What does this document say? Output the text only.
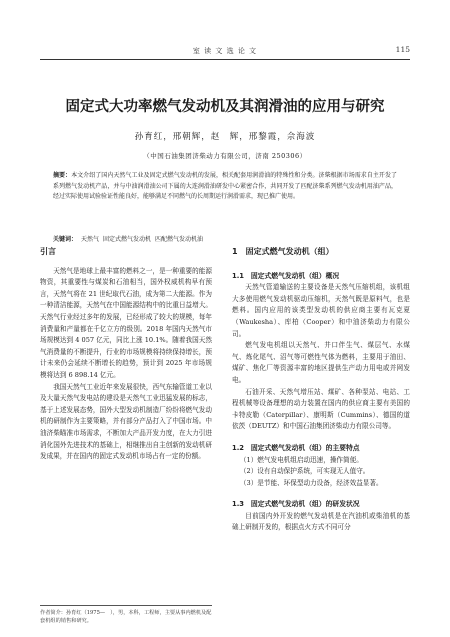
室 读 文 选 论 文	115
固定式大功率燃气发动机及其润滑油的应用与研究
孙育红，邢朝辉，赵　辉，邢黎霞，佘海波
（中国石油集团济柴动力有限公司，济南 250306）
摘要：本文介绍了国内天然气工业及固定式燃气发动机的发展，相关配套用润滑油的特殊性和分类。济柴根据市场需求自主开发了系列燃气发动机产品，并与中油润滑油公司下属的大连润滑油研发中心紧密合作，共同开发了匹配济柴系列燃气发动机用油产品，经过实际使用试验验证性能良好，能够满足不同燃气的长周期运行润滑需求，现已推广使用。
关键词： 天然气 固定式燃气发动机 匹配燃气发动机油
引言

天然气是地球上最丰富的燃料之一，是一种重要的能源物资，其重要性与煤炭和石油相当，国外权威机构早有预言，天然气将在 21 世纪取代石油，成为第二大能源。作为一种清洁能源，天然气在中国能源结构中的比重日益增大。天然气行业经过多年的发展，已经形成了较大的规模，每年消费量和产量都在千亿立方的级别。2018 年国内天然气市场规模达到 4 057 亿元，同比上涨 10.1%。随着我国天然气消费量的不断提升，行业的市场规模将持续保持增长，预计未来仍会延续不断增长的趋势，预计到 2025 年市场规模将达到 6 898.14 亿元。

我国天然气工业近年来发展很快，西气东输管道工业以及大量天然气发电站的建设是天然气工业迅猛发展的标志，基于上述发展态势，国外大型发动机制造厂纷纷将燃气发动机的研制作为主要策略，并有部分产品打入了中国市场。中油济柴瞄准市场需求，不断加大产品开发力度，在大力引进消化国外先进技术的基础上，相继推出自主创新的发动机研发成果，并在国内的固定式发动机市场占有一定的份额。

1　固定式燃气发动机（组）
1.1　固定式燃气发动机（组）概况

天然气管道输送的主要设备是天然气压缩机组，该机组大多使用燃气发动机驱动压缩机，天然气既是原料气，也是燃料。国内应用的该类型发动机的供应商主要有瓦克夏（Waukesha）、库柏（Cooper）和中油济柴动力有限公司。

燃气发电机组以天然气、井口伴生气、煤层气、水煤气、炼化尾气、沼气等可燃性气体为燃料，主要用于油田、煤矿、焦化厂等资源丰富的地区提供生产动力用电或并网发电。

石油开采、天然气增压站、煤矿、各种泵站、电站、工程机械等设备理想的动力装置在国内的供应商主要有美国的卡特皮勒（Caterpillar）、康明斯（Cummins）、德国的道依茨（DEUTZ）和中国石油集团济柴动力有限公司等。

1.2　固定式燃气发动机（组）的主要特点

（1）燃气发电机组启动迅速，操作简便。

（2）设有自动保护系统，可实现无人值守。

（3）是节能、环保型动力设备，经济效益显著。

1.3　固定式燃气发动机（组）的研发状况

目前国内外开发的燃气发动机是在汽油机或柴油机的基础上研制开发的，根据点火方式不同可分

作者简介：孙育红（1975—　），男，本科，工程师，主要从事内燃机及配套机组的销售和研究。
